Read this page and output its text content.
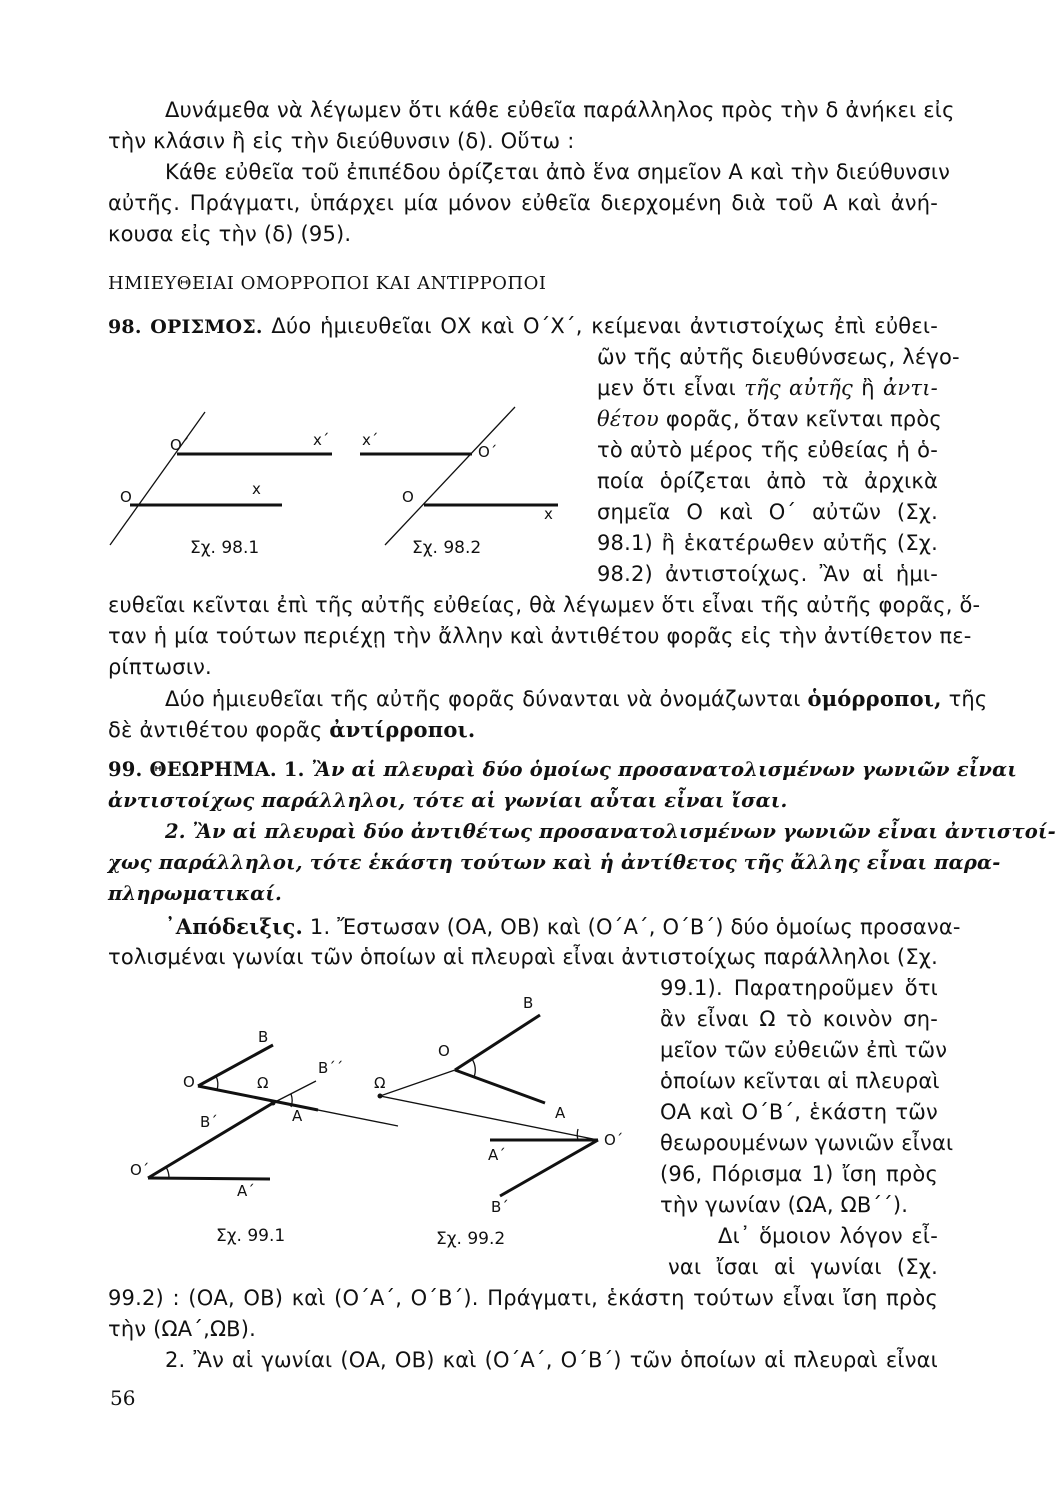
Δυνάμεθα νὰ λέγωμεν ὅτι κάθε εὐθεῖα παράλληλος πρὸς τὴν δ ἀνήκει εἰς
τὴν κλάσιν ἢ εἰς τὴν διεύθυνσιν (δ). Οὕτω :
Κάθε εὐθεῖα τοῦ ἐπιπέδου ὁρίζεται ἀπὸ ἕνα σημεῖον Α καὶ τὴν διεύθυνσιν
αὐτῆς. Πράγματι, ὑπάρχει μία μόνον εὐθεῖα διερχομένη διὰ τοῦ Α καὶ ἀνή-
κουσα εἰς τὴν (δ) (95).
ΗΜΙΕΥΘΕΙΑΙ ΟΜΟΡΡΟΠΟΙ ΚΑΙ ΑΝΤΙΡΡΟΠΟΙ
98. ΟΡΙΣΜΟΣ. Δύο ἡμιευθεῖαι ΟΧ καὶ Ο΄Χ΄, κείμεναι ἀντιστοίχως ἐπὶ εὐθει-
ῶν τῆς αὐτῆς διευθύνσεως, λέγο-
μεν ὅτι εἶναι τῆς αὐτῆς ἢ ἀντι-
θέτου φορᾶς, ὅταν κεῖνται πρὸς
τὸ αὐτὸ μέρος τῆς εὐθείας ἡ ὁ-
ποία ὁρίζεται ἀπὸ τὰ ἀρχικὰ
σημεῖα Ο καὶ Ο΄ αὐτῶν (Σχ.
98.1) ἢ ἑκατέρωθεν αὐτῆς (Σχ.
98.2) ἀντιστοίχως. Ἂν αἱ ἡμι-
ευθεῖαι κεῖνται ἐπὶ τῆς αὐτῆς εὐθείας, θὰ λέγωμεν ὅτι εἶναι τῆς αὐτῆς φορᾶς, ὅ-
ταν ἡ μία τούτων περιέχῃ τὴν ἄλλην καὶ ἀντιθέτου φορᾶς εἰς τὴν ἀντίθετον πε-
ρίπτωσιν.
Δύο ἡμιευθεῖαι τῆς αὐτῆς φορᾶς δύνανται νὰ ὀνομάζωνται ὁμόρροποι, τῆς
δὲ ἀντιθέτου φορᾶς ἀντίρροποι.
Ο΄	x΄
Ο	x
Σχ. 98.1
x΄
Ο΄
Ο
x
Σχ. 98.2
99. ΘΕΩΡΗΜΑ. 1. Ἂν αἱ πλευραὶ δύο ὁμοίως προσανατολισμένων γωνιῶν εἶναι
ἀντιστοίχως παράλληλοι, τότε αἱ γωνίαι αὗται εἶναι ἴσαι.
2. Ἂν αἱ πλευραὶ δύο ἀντιθέτως προσανατολισμένων γωνιῶν εἶναι ἀντιστοί-
χως παράλληλοι, τότε ἑκάστη τούτων καὶ ἡ ἀντίθετος τῆς ἄλλης εἶναι παρα-
πληρωματικαί.
᾿Απόδειξις. 1. Ἔστωσαν (ΟΑ, ΟΒ) καὶ (Ο΄Α΄, Ο΄Β΄) δύο ὁμοίως προσανα-
τολισμέναι γωνίαι τῶν ὁποίων αἱ πλευραὶ εἶναι ἀντιστοίχως παράλληλοι (Σχ.
99.1). Παρατηροῦμεν ὅτι
ἂν εἶναι Ω τὸ κοινὸν ση-
μεῖον τῶν εὐθειῶν ἐπὶ τῶν
ὁποίων κεῖνται αἱ πλευραὶ
ΟΑ καὶ Ο΄Β΄, ἑκάστη τῶν
θεωρουμένων γωνιῶν εἶναι
(96, Πόρισμα 1) ἴση πρὸς
τὴν γωνίαν (ΩΑ, ΩΒ΄΄).
Δι᾿ ὅμοιον λόγον εἶ-
ναι ἴσαι αἱ γωνίαι (Σχ.
99.2) : (ΟΑ, ΟΒ) καὶ (Ο΄Α΄, Ο΄Β΄). Πράγματι, ἑκάστη τούτων εἶναι ἴση πρὸς
τὴν (ΩΑ΄,ΩΒ).
2. Ἂν αἱ γωνίαι (ΟΑ, ΟΒ) καὶ (Ο΄Α΄, Ο΄Β΄) τῶν ὁποίων αἱ πλευραὶ εἶναι
Β
Ο	Ω
Β΄΄
Β΄	Α
Ο΄
Α΄
Σχ. 99.1
Β
Ο
Ω
Α
Α΄
Ο΄
Β΄
Σχ. 99.2
56
